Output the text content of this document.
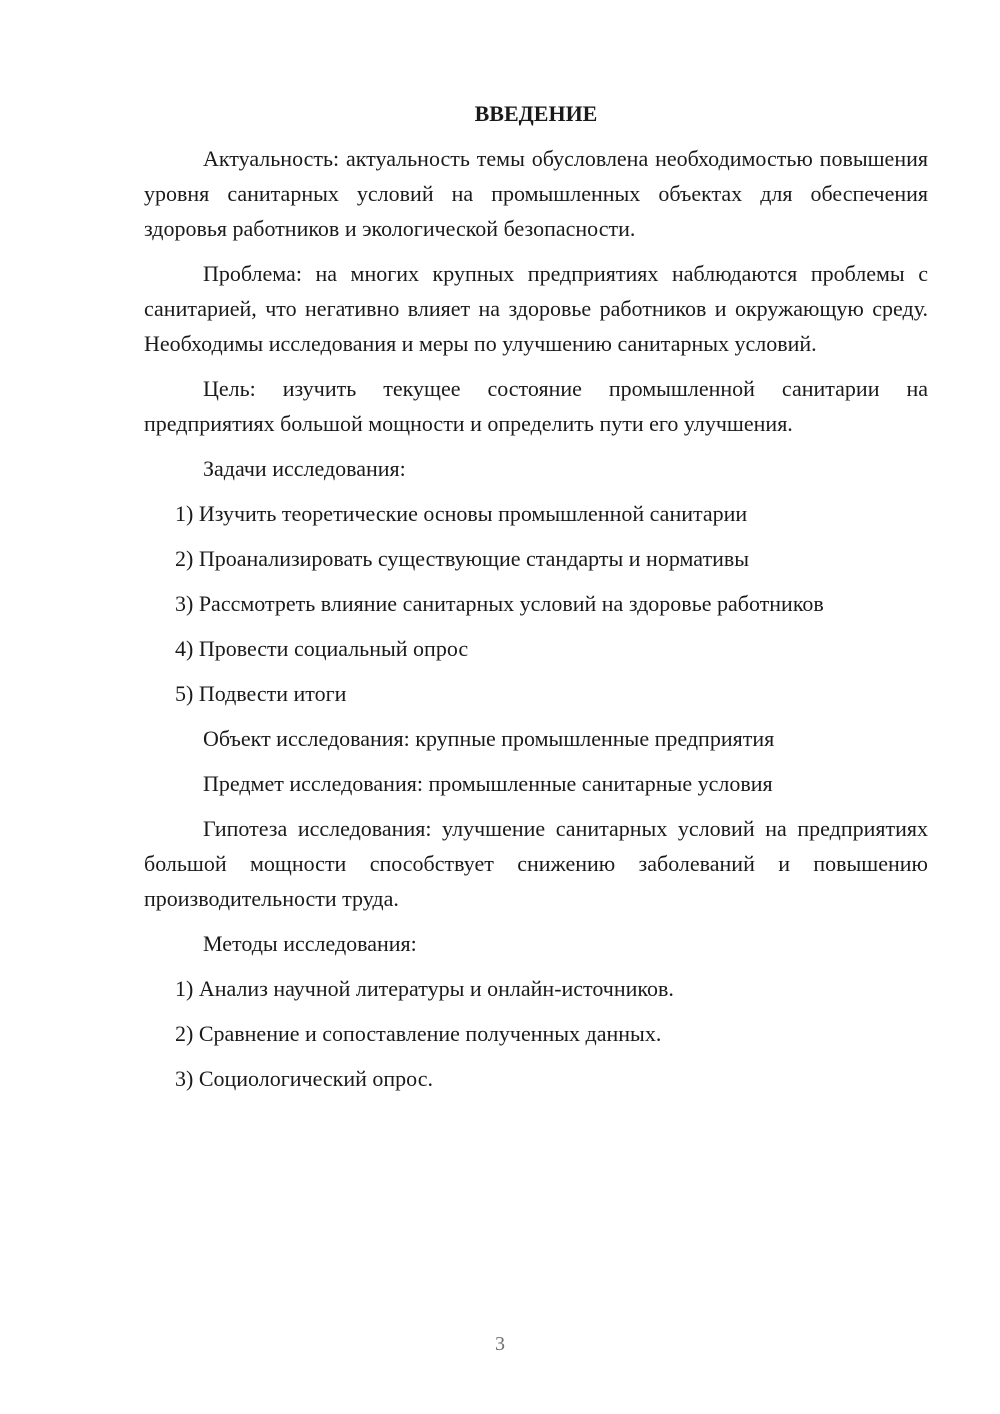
ВВЕДЕНИЕ

Актуальность: актуальность темы обусловлена необходимостью повышения уровня санитарных условий на промышленных объектах для обеспечения здоровья работников и экологической безопасности.

Проблема: на многих крупных предприятиях наблюдаются проблемы с санитарией, что негативно влияет на здоровье работников и окружающую среду. Необходимы исследования и меры по улучшению санитарных условий.

Цель: изучить текущее состояние промышленной санитарии на предприятиях большой мощности и определить пути его улучшения.

Задачи исследования:
1) Изучить теоретические основы промышленной санитарии
2) Проанализировать существующие стандарты и нормативы
3) Рассмотреть влияние санитарных условий на здоровье работников
4) Провести социальный опрос
5) Подвести итоги
Объект исследования: крупные промышленные предприятия
Предмет исследования: промышленные санитарные условия

Гипотеза исследования: улучшение санитарных условий на предприятиях большой мощности способствует снижению заболеваний и повышению производительности труда.

Методы исследования:
1) Анализ научной литературы и онлайн-источников.
2) Сравнение и сопоставление полученных данных.
3) Социологический опрос.
3
